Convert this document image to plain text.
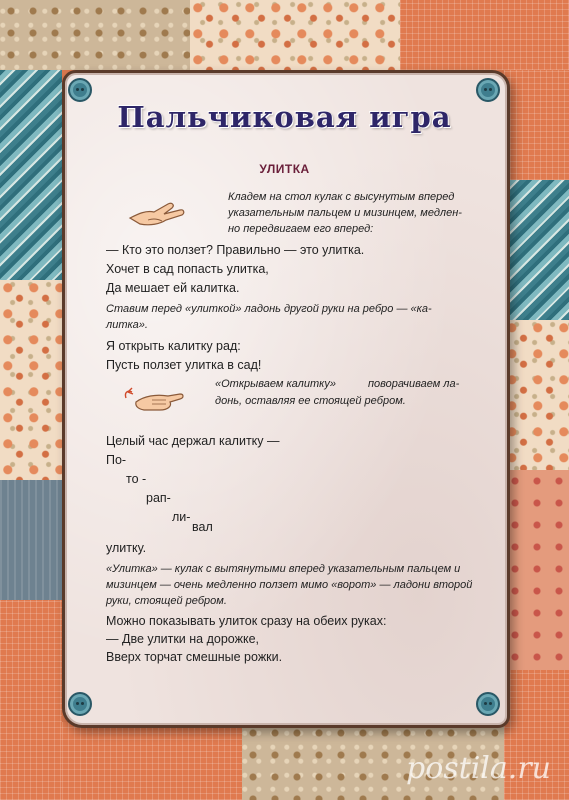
Пальчиковая игра
УЛИТКА
Кладем на стол кулак с высунутым вперед
указательным пальцем и мизинцем, медлен-
но передвигаем его вперед:
— Кто это ползет? Правильно — это улитка.
Хочет в сад попасть улитка,
Да мешает ей калитка.
Ставим перед «улиткой» ладонь другой руки на ребро — «ка-
литка».
Я открыть калитку рад:
Пусть ползет улитка в сад!
«Открываем калитку»	поворачиваем ла-
донь, оставляя ее стоящей ребром.
Целый час держал калитку —
По-
то -
рап-
ли-
вал
улитку.
«Улитка» — кулак с вытянутыми вперед указательным пальцем и
мизинцем — очень медленно ползет мимо «ворот» — ладони второй
руки, стоящей ребром.
Можно показывать улиток сразу на обеих руках:
— Две улитки на дорожке,
Вверх торчат смешные рожки.
postila.ru
